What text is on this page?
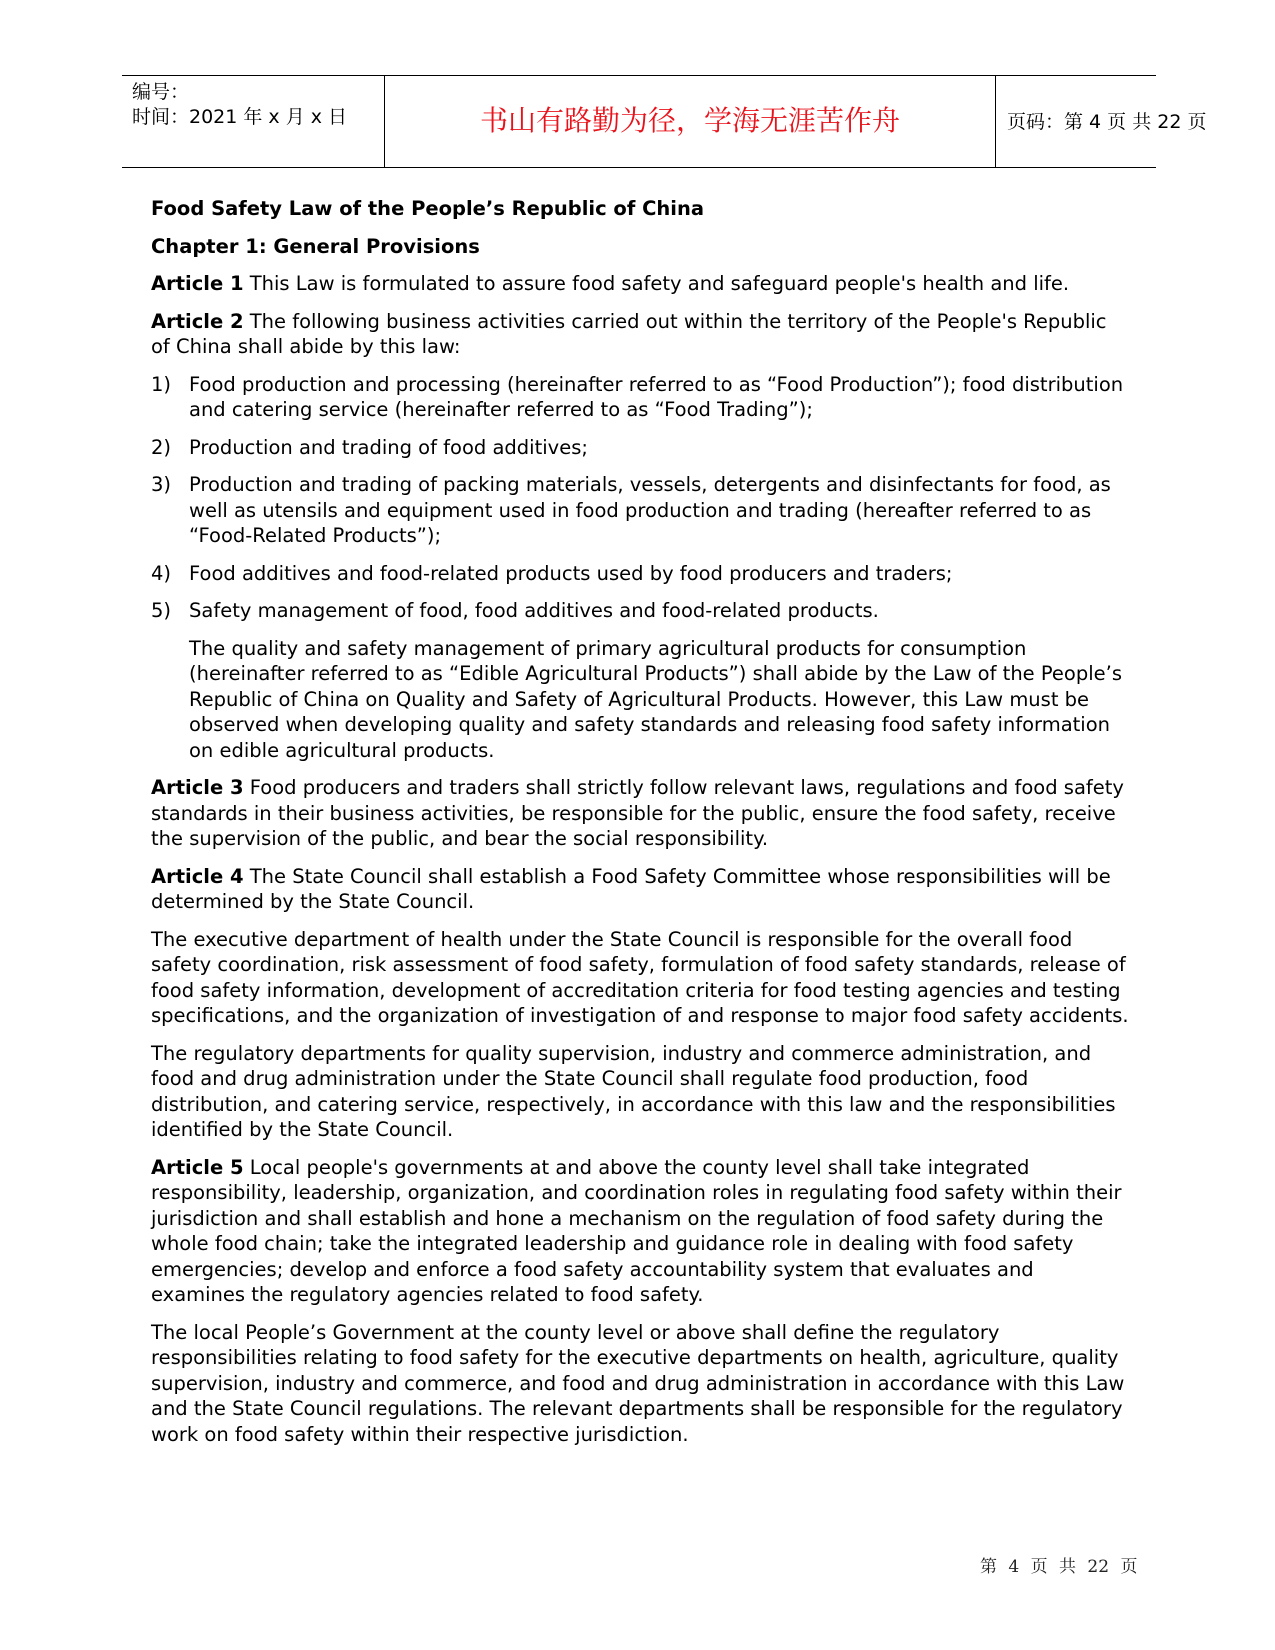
编号：
时间：2021 年 x 月 x 日	书山有路勤为径，学海无涯苦作舟	页码：第 4 页 共 22 页

Food Safety Law of the People’s Republic of China

Chapter 1: General Provisions

Article 1 This Law is formulated to assure food safety and safeguard people's health and life.

Article 2 The following business activities carried out within the territory of the People's Republic of China shall abide by this law:

1) Food production and processing (hereinafter referred to as “Food Production”); food distribution and catering service (hereinafter referred to as “Food Trading”);
2) Production and trading of food additives;
3) Production and trading of packing materials, vessels, detergents and disinfectants for food, as well as utensils and equipment used in food production and trading (hereafter referred to as “Food-Related Products”);
4) Food additives and food-related products used by food producers and traders;
5) Safety management of food, food additives and food-related products.

The quality and safety management of primary agricultural products for consumption (hereinafter referred to as “Edible Agricultural Products”) shall abide by the Law of the People’s Republic of China on Quality and Safety of Agricultural Products. However, this Law must be observed when developing quality and safety standards and releasing food safety information on edible agricultural products.

Article 3 Food producers and traders shall strictly follow relevant laws, regulations and food safety standards in their business activities, be responsible for the public, ensure the food safety, receive the supervision of the public, and bear the social responsibility.

Article 4 The State Council shall establish a Food Safety Committee whose responsibilities will be determined by the State Council.

The executive department of health under the State Council is responsible for the overall food safety coordination, risk assessment of food safety, formulation of food safety standards, release of food safety information, development of accreditation criteria for food testing agencies and testing specifications, and the organization of investigation of and response to major food safety accidents.

The regulatory departments for quality supervision, industry and commerce administration, and food and drug administration under the State Council shall regulate food production, food distribution, and catering service, respectively, in accordance with this law and the responsibilities identified by the State Council.

Article 5 Local people's governments at and above the county level shall take integrated responsibility, leadership, organization, and coordination roles in regulating food safety within their jurisdiction and shall establish and hone a mechanism on the regulation of food safety during the whole food chain; take the integrated leadership and guidance role in dealing with food safety emergencies; develop and enforce a food safety accountability system that evaluates and examines the regulatory agencies related to food safety.

The local People’s Government at the county level or above shall define the regulatory responsibilities relating to food safety for the executive departments on health, agriculture, quality supervision, industry and commerce, and food and drug administration in accordance with this Law and the State Council regulations. The relevant departments shall be responsible for the regulatory work on food safety within their respective jurisdiction.

第 4 页 共 22 页
